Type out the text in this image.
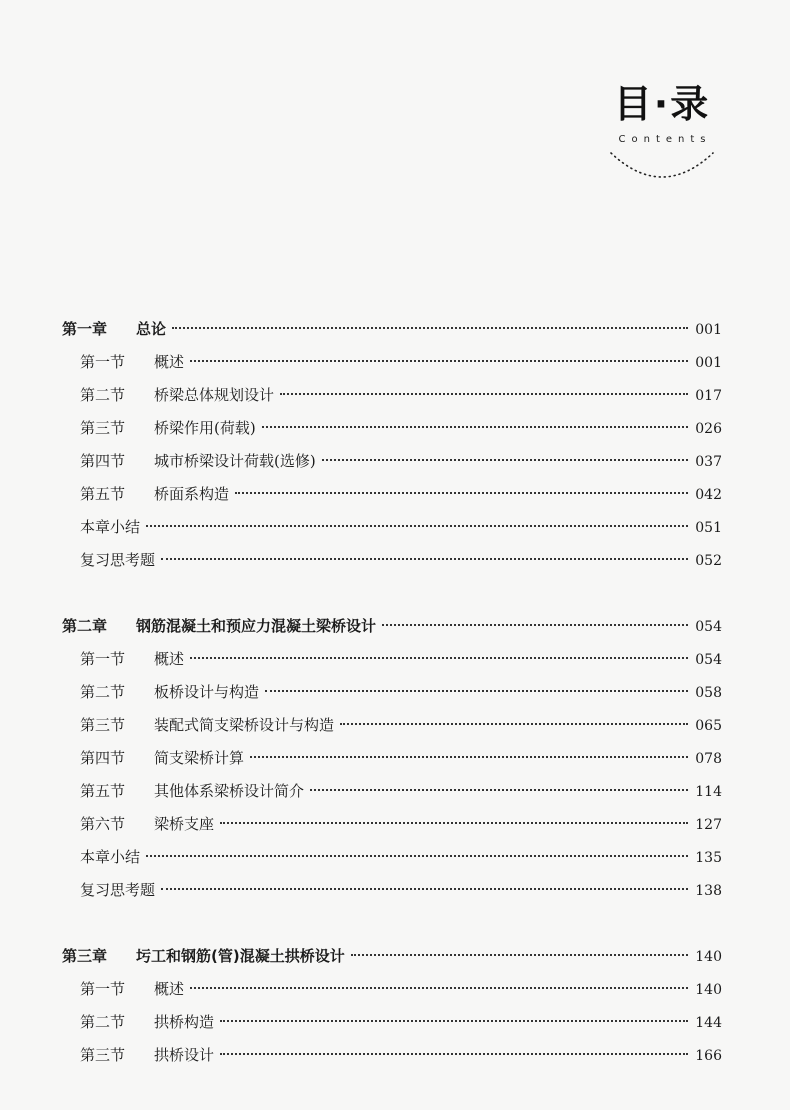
目·录
Contents
第一章	总论	001
第一节	概述	001
第二节	桥梁总体规划设计	017
第三节	桥梁作用(荷载)	026
第四节	城市桥梁设计荷载(选修)	037
第五节	桥面系构造	042
本章小结	051
复习思考题	052
第二章	钢筋混凝土和预应力混凝土梁桥设计	054
第一节	概述	054
第二节	板桥设计与构造	058
第三节	装配式简支梁桥设计与构造	065
第四节	简支梁桥计算	078
第五节	其他体系梁桥设计简介	114
第六节	梁桥支座	127
本章小结	135
复习思考题	138
第三章	圬工和钢筋(管)混凝土拱桥设计	140
第一节	概述	140
第二节	拱桥构造	144
第三节	拱桥设计	166
